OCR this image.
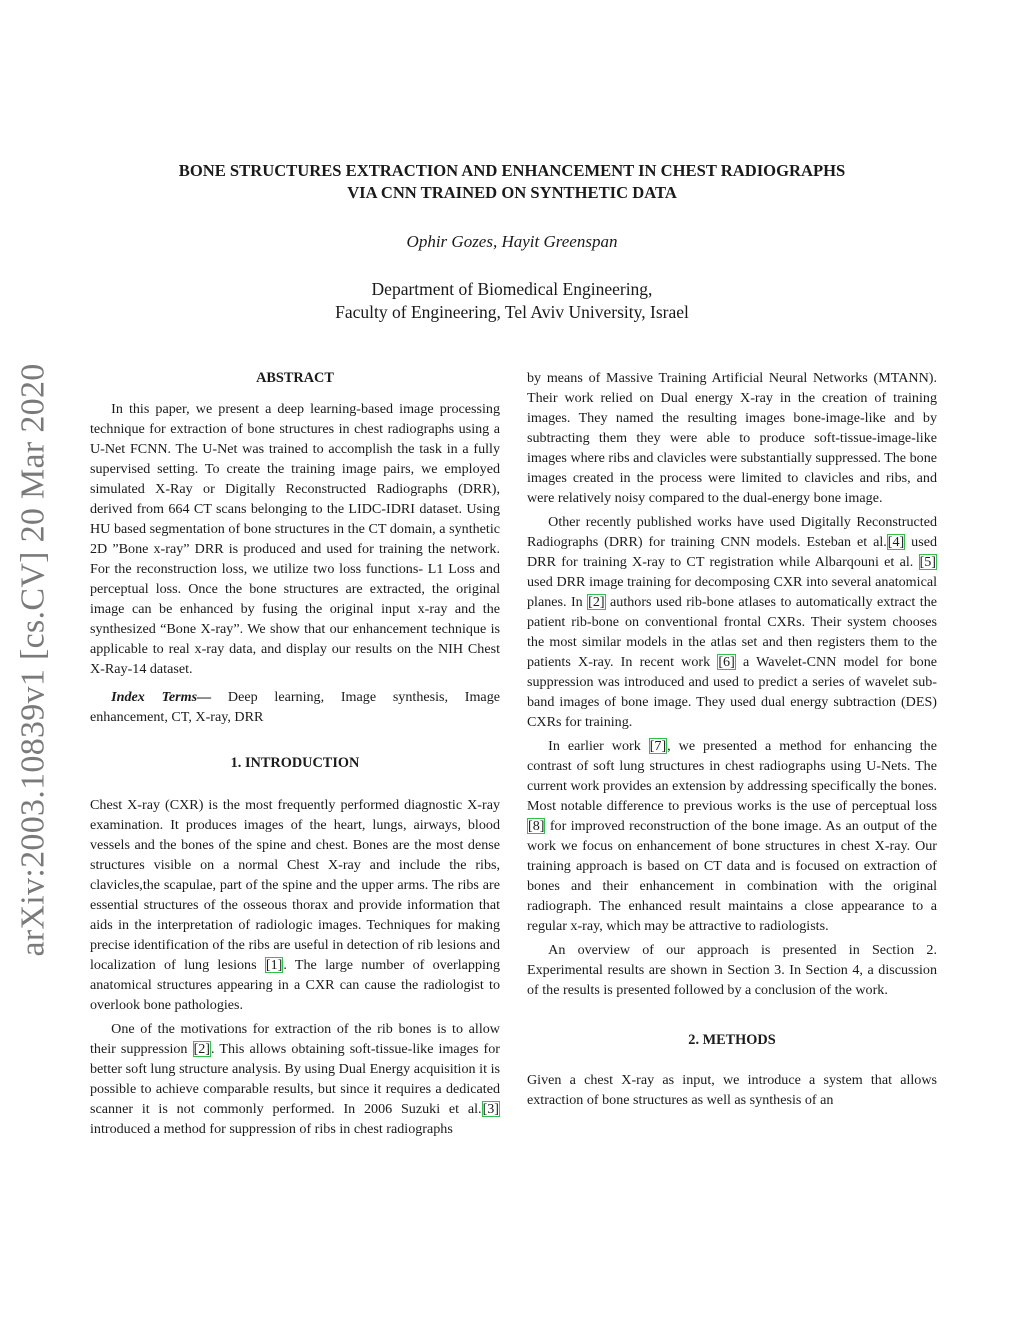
arXiv:2003.10839v1 [cs.CV] 20 Mar 2020
BONE STRUCTURES EXTRACTION AND ENHANCEMENT IN CHEST RADIOGRAPHS
VIA CNN TRAINED ON SYNTHETIC DATA

Ophir Gozes, Hayit Greenspan

Department of Biomedical Engineering,
Faculty of Engineering, Tel Aviv University, Israel

ABSTRACT

In this paper, we present a deep learning-based image processing technique for extraction of bone structures in chest radiographs using a U-Net FCNN. The U-Net was trained to accomplish the task in a fully supervised setting. To create the training image pairs, we employed simulated X-Ray or Digitally Reconstructed Radiographs (DRR), derived from 664 CT scans belonging to the LIDC-IDRI dataset. Using HU based segmentation of bone structures in the CT domain, a synthetic 2D ”Bone x-ray” DRR is produced and used for training the network. For the reconstruction loss, we utilize two loss functions- L1 Loss and perceptual loss. Once the bone structures are extracted, the original image can be enhanced by fusing the original input x-ray and the synthesized “Bone X-ray”. We show that our enhancement technique is applicable to real x-ray data, and display our results on the NIH Chest X-Ray-14 dataset.

Index Terms— Deep learning, Image synthesis, Image enhancement, CT, X-ray, DRR

1. INTRODUCTION

Chest X-ray (CXR) is the most frequently performed diagnostic X-ray examination. It produces images of the heart, lungs, airways, blood vessels and the bones of the spine and chest. Bones are the most dense structures visible on a normal Chest X-ray and include the ribs, clavicles,the scapulae, part of the spine and the upper arms. The ribs are essential structures of the osseous thorax and provide information that aids in the interpretation of radiologic images. Techniques for making precise identification of the ribs are useful in detection of rib lesions and localization of lung lesions [1]. The large number of overlapping anatomical structures appearing in a CXR can cause the radiologist to overlook bone pathologies.

One of the motivations for extraction of the rib bones is to allow their suppression [2]. This allows obtaining soft-tissue-like images for better soft lung structure analysis. By using Dual Energy acquisition it is possible to achieve comparable results, but since it requires a dedicated scanner it is not commonly performed. In 2006 Suzuki et al.[3] introduced a method for suppression of ribs in chest radiographs

by means of Massive Training Artificial Neural Networks (MTANN). Their work relied on Dual energy X-ray in the creation of training images. They named the resulting images bone-image-like and by subtracting them they were able to produce soft-tissue-image-like images where ribs and clavicles were substantially suppressed. The bone images created in the process were limited to clavicles and ribs, and were relatively noisy compared to the dual-energy bone image.

Other recently published works have used Digitally Reconstructed Radiographs (DRR) for training CNN models. Esteban et al.[4] used DRR for training X-ray to CT registration while Albarqouni et al. [5] used DRR image training for decomposing CXR into several anatomical planes. In [2] authors used rib-bone atlases to automatically extract the patient rib-bone on conventional frontal CXRs. Their system chooses the most similar models in the atlas set and then registers them to the patients X-ray. In recent work [6] a Wavelet-CNN model for bone suppression was introduced and used to predict a series of wavelet sub-band images of bone image. They used dual energy subtraction (DES) CXRs for training.

In earlier work [7], we presented a method for enhancing the contrast of soft lung structures in chest radiographs using U-Nets. The current work provides an extension by addressing specifically the bones. Most notable difference to previous works is the use of perceptual loss [8] for improved reconstruction of the bone image. As an output of the work we focus on enhancement of bone structures in chest X-ray. Our training approach is based on CT data and is focused on extraction of bones and their enhancement in combination with the original radiograph. The enhanced result maintains a close appearance to a regular x-ray, which may be attractive to radiologists.

An overview of our approach is presented in Section 2. Experimental results are shown in Section 3. In Section 4, a discussion of the results is presented followed by a conclusion of the work.

2. METHODS

Given a chest X-ray as input, we introduce a system that allows extraction of bone structures as well as synthesis of an
